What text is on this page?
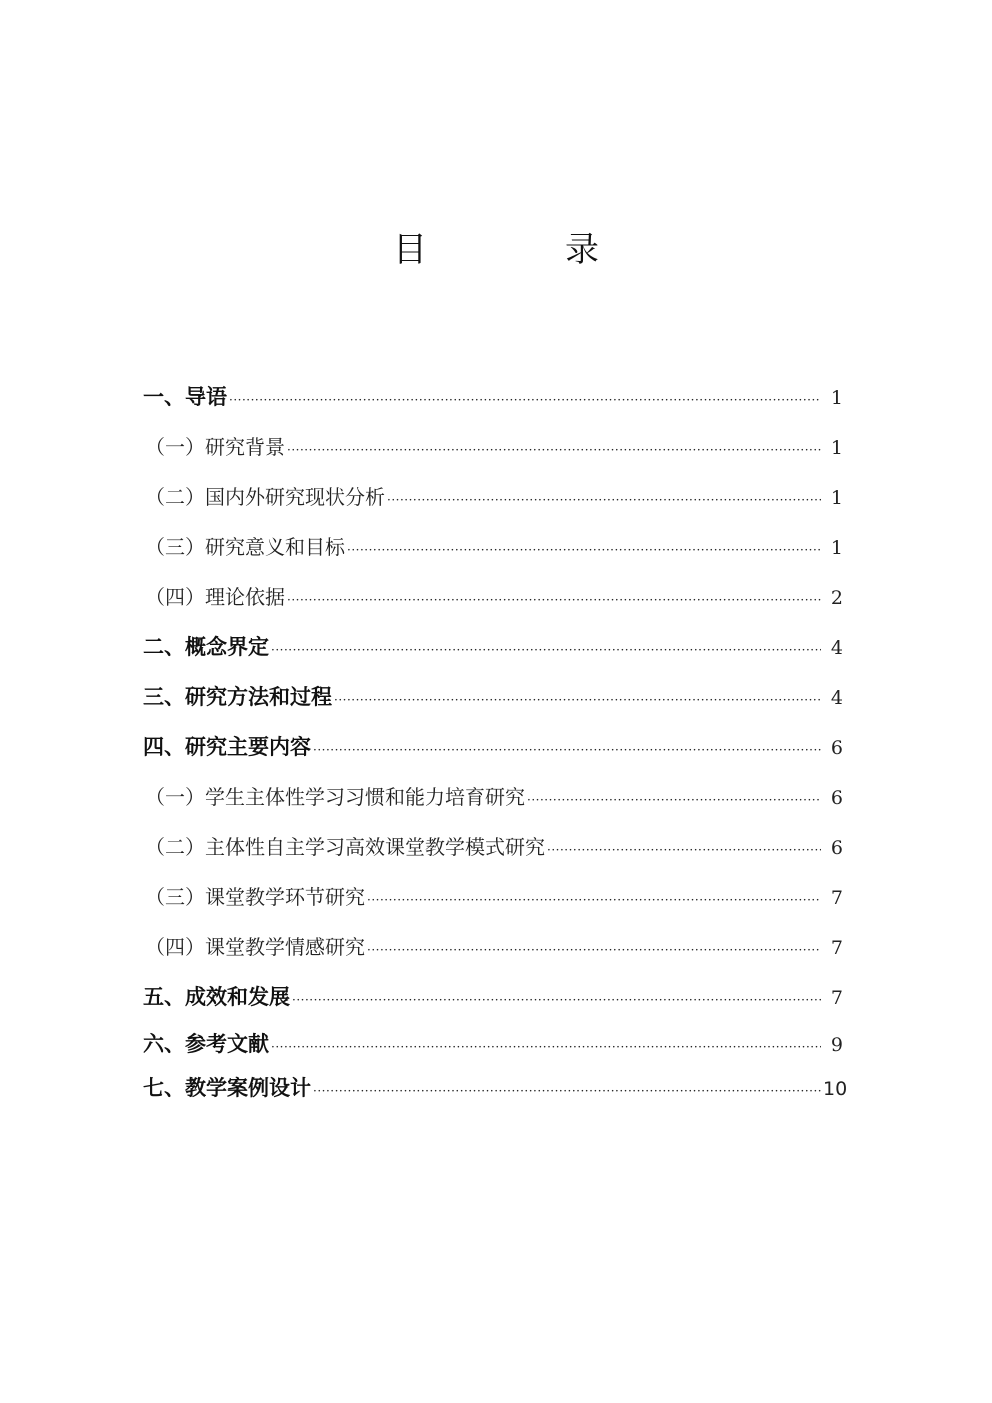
目　录
一、导语 ·····	1
（一）研究背景 ·····	1
（二）国内外研究现状分析 ·····	1
（三）研究意义和目标 ·····	1
（四）理论依据 ·····	2
二、概念界定 ·····	4
三、研究方法和过程 ·····	4
四、研究主要内容 ·····	6
（一）学生主体性学习习惯和能力培育研究 ·····	6
（二）主体性自主学习高效课堂教学模式研究 ·····	6
（三）课堂教学环节研究 ·····	7
（四）课堂教学情感研究 ·····	7
五、成效和发展 ·····	7
六、参考文献 ·····	9
七、教学案例设计 ·····	10
